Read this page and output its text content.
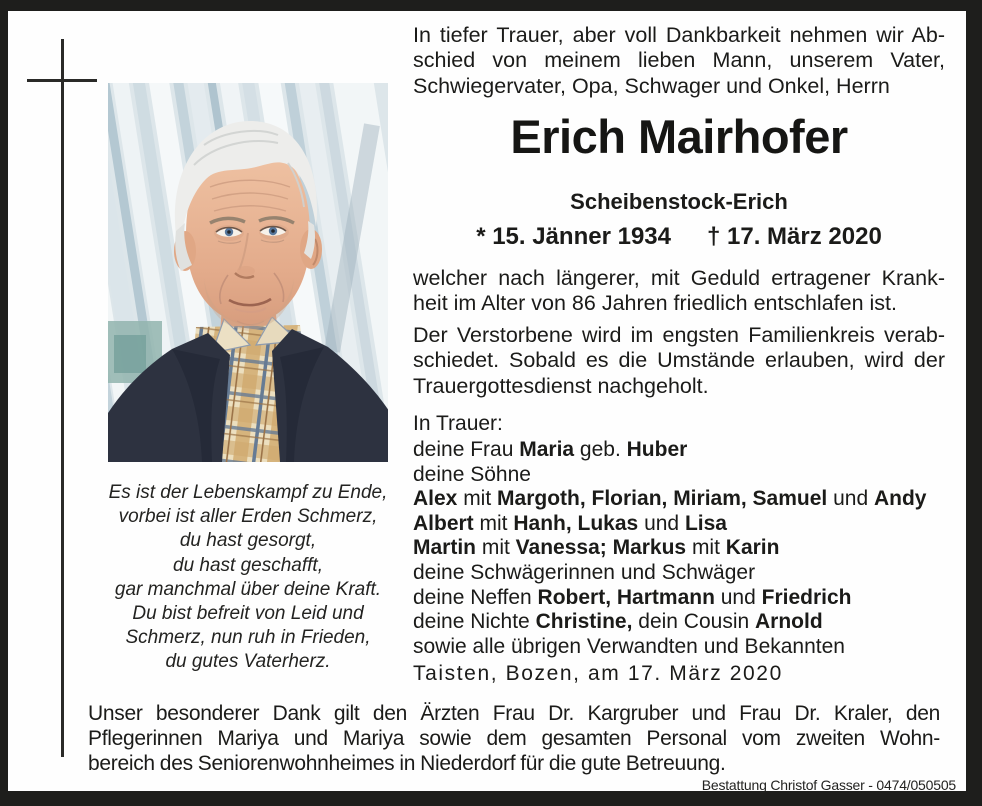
Es ist der Lebenskampf zu Ende,
vorbei ist aller Erden Schmerz,
du hast gesorgt,
du hast geschafft,
gar manchmal über deine Kraft.
Du bist befreit von Leid und
Schmerz, nun ruh in Frieden,
du gutes Vaterherz.
In tiefer Trauer, aber voll Dankbarkeit nehmen wir Ab-
schied von meinem lieben Mann, unserem Vater,
Schwiegervater, Opa, Schwager und Onkel, Herrn
Erich Mairhofer
Scheibenstock-Erich
* 15. Jänner 1934 † 17. März 2020
welcher nach längerer, mit Geduld ertragener Krank-
heit im Alter von 86 Jahren friedlich entschlafen ist.
Der Verstorbene wird im engsten Familienkreis verab-
schiedet. Sobald es die Umstände erlauben, wird der
Trauergottesdienst nachgeholt.
In Trauer:
deine Frau Maria geb. Huber
deine Söhne
Alex mit Margoth, Florian, Miriam, Samuel und Andy
Albert mit Hanh, Lukas und Lisa
Martin mit Vanessa; Markus mit Karin
deine Schwägerinnen und Schwäger
deine Neffen Robert, Hartmann und Friedrich
deine Nichte Christine, dein Cousin Arnold
sowie alle übrigen Verwandten und Bekannten
Taisten, Bozen, am 17. März 2020
Unser besonderer Dank gilt den Ärzten Frau Dr. Kargruber und Frau Dr. Kraler, den
Pflegerinnen Mariya und Mariya sowie dem gesamten Personal vom zweiten Wohn-
bereich des Seniorenwohnheimes in Niederdorf für die gute Betreuung.
Bestattung Christof Gasser - 0474/050505
